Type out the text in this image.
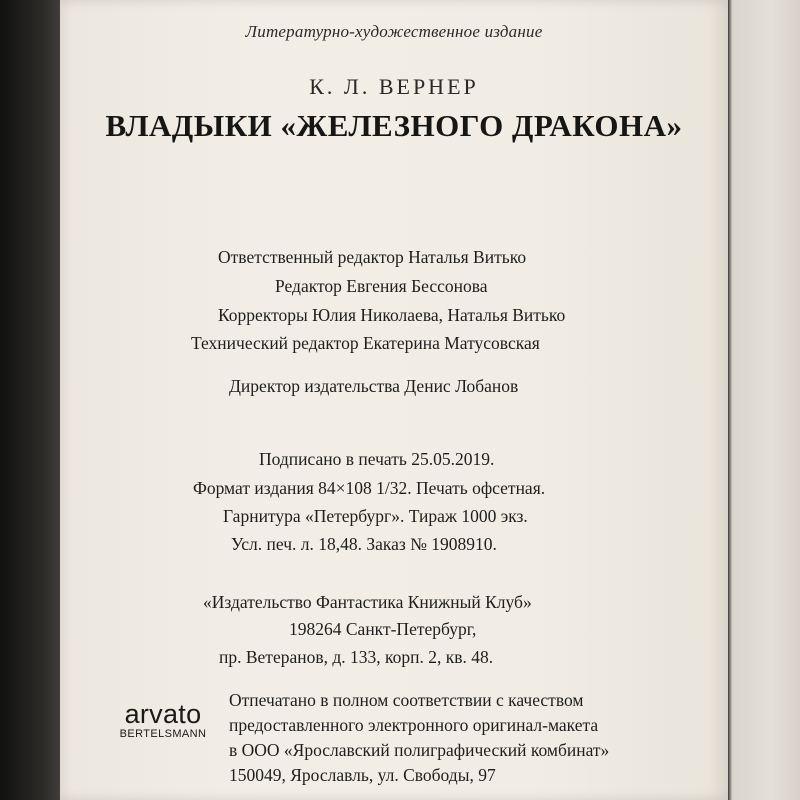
Литературно-художественное издание

К. Л. ВЕРНЕР

ВЛАДЫКИ «ЖЕЛЕЗНОГО ДРАКОНА»

Ответственный редактор Наталья Витько
Редактор Евгения Бессонова
Корректоры Юлия Николаева, Наталья Витько
Технический редактор Екатерина Матусовская
Директор издательства Денис Лобанов
Подписано в печать 25.05.2019.
Формат издания 84×108 1/32. Печать офсетная.
Гарнитура «Петербург». Тираж 1000 экз.
Усл. печ. л. 18,48. Заказ № 1908910.
«Издательство Фантастика Книжный Клуб»
198264 Санкт-Петербург,
пр. Ветеранов, д. 133, корп. 2, кв. 48.
arvato
BERTELSMANN
Отпечатано в полном соответствии с качеством
предоставленного электронного оригинал-макета
в ООО «Ярославский полиграфический комбинат»
150049, Ярославль, ул. Свободы, 97
